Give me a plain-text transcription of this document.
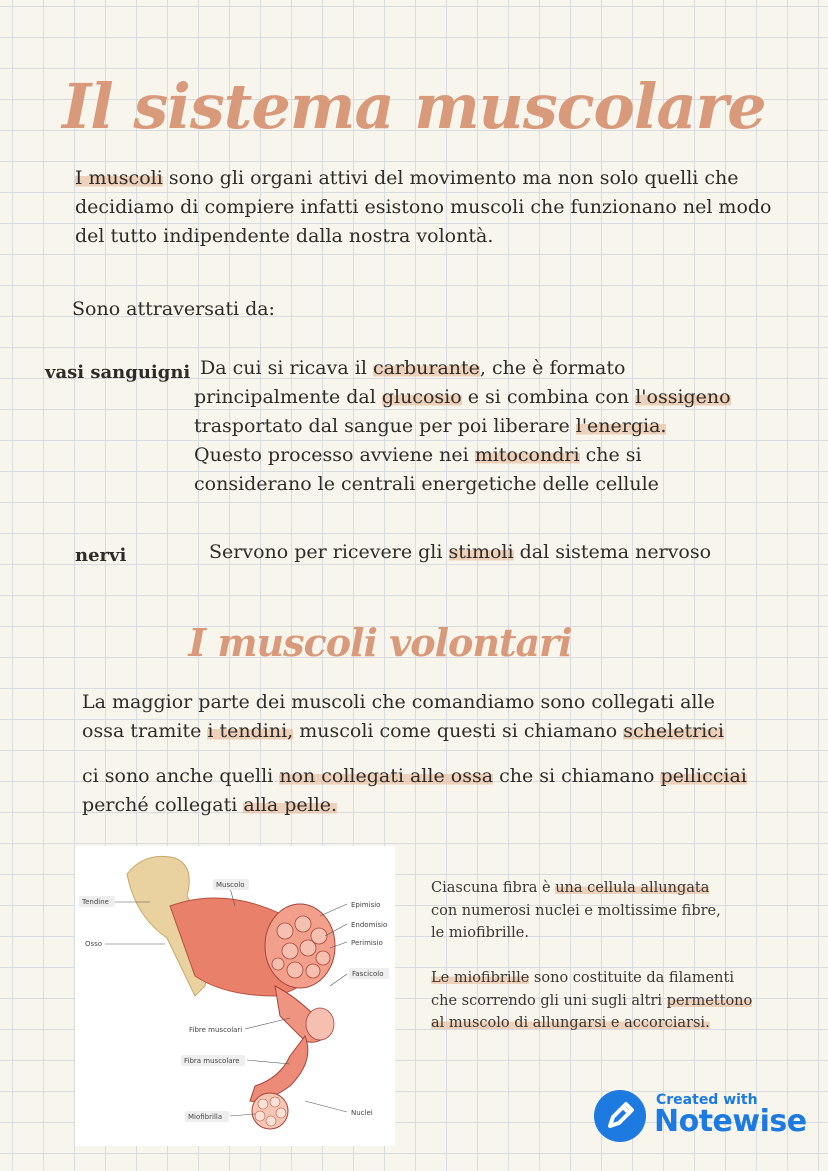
Il sistema muscolare
I muscoli sono gli organi attivi del movimento ma non solo quelli che
decidiamo di compiere infatti esistono muscoli che funzionano nel modo
del tutto indipendente dalla nostra volontà.
Sono attraversati da:
vasi sanguigni Da cui si ricava il carburante, che è formato
principalmente dal glucosio e si combina con l'ossigeno
trasportato dal sangue per poi liberare l'energia.
Questo processo avviene nei mitocondri che si
considerano le centrali energetiche delle cellule
nervi	Servono per ricevere gli stimoli dal sistema nervoso
I muscoli volontari
La maggior parte dei muscoli che comandiamo sono collegati alle
ossa tramite i tendini, muscoli come questi si chiamano scheletrici
ci sono anche quelli non collegati alle ossa che si chiamano pellicciai
perché collegati alla pelle.
Tendine
Osso
Muscolo
Epimisio
Endomisio
Perimisio
Fascicolo
Fibre muscolari
Fibra muscolare
Miofibrilla	Nuclei
Ciascuna fibra è una cellula allungata
con numerosi nuclei e moltissime fibre,
le miofibrille.
Le miofibrille sono costituite da filamenti
che scorrendo gli uni sugli altri permettono
al muscolo di allungarsi e accorciarsi.
Created with
Notewise
